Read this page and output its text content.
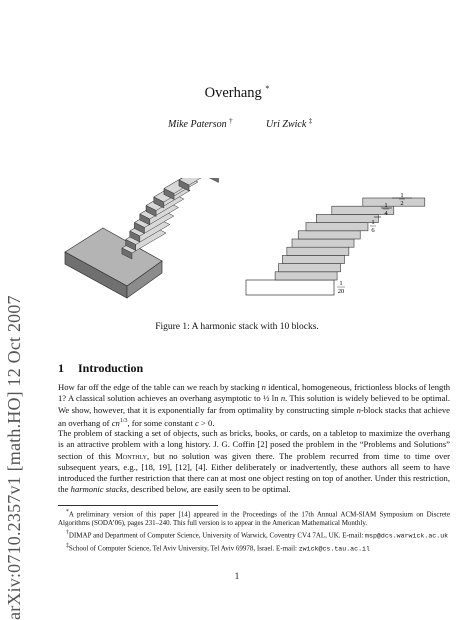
arXiv:0710.2357v1 [math.HO] 12 Oct 2007
Overhang *
Mike Paterson †	Uri Zwick ‡
1
2
1
4
1
6
1
20
Figure 1: A harmonic stack with 10 blocks.
1 Introduction

How far off the edge of the table can we reach by stacking n identical, homogeneous, frictionless blocks of length 1? A classical solution achieves an overhang asymptotic to ½ ln n. This solution is widely believed to be optimal. We show, however, that it is exponentially far from optimality by constructing simple n-block stacks that achieve an overhang of $cn^{1/3}$, for some constant c > 0.

The problem of stacking a set of objects, such as bricks, books, or cards, on a tabletop to maximize the overhang is an attractive problem with a long history. J. G. Coffin [2] posed the problem in the “Problems and Solutions” section of this Monthly, but no solution was given there. The problem recurred from time to time over subsequent years, e.g., [18, 19], [12], [4]. Either deliberately or inadvertently, these authors all seem to have introduced the further restriction that there can at most one object resting on top of another. Under this restriction, the harmonic stacks, described below, are easily seen to be optimal.

*A preliminary version of this paper [14] appeared in the Proceedings of the 17th Annual ACM-SIAM Symposium on Discrete Algorithms (SODA’06), pages 231–240. This full version is to appear in the American Mathematical Monthly.

†DIMAP and Department of Computer Science, University of Warwick, Coventry CV4 7AL, UK. E-mail: msp@dcs.warwick.ac.uk

‡School of Computer Science, Tel Aviv University, Tel Aviv 69978, Israel. E-mail: zwick@cs.tau.ac.il

1
